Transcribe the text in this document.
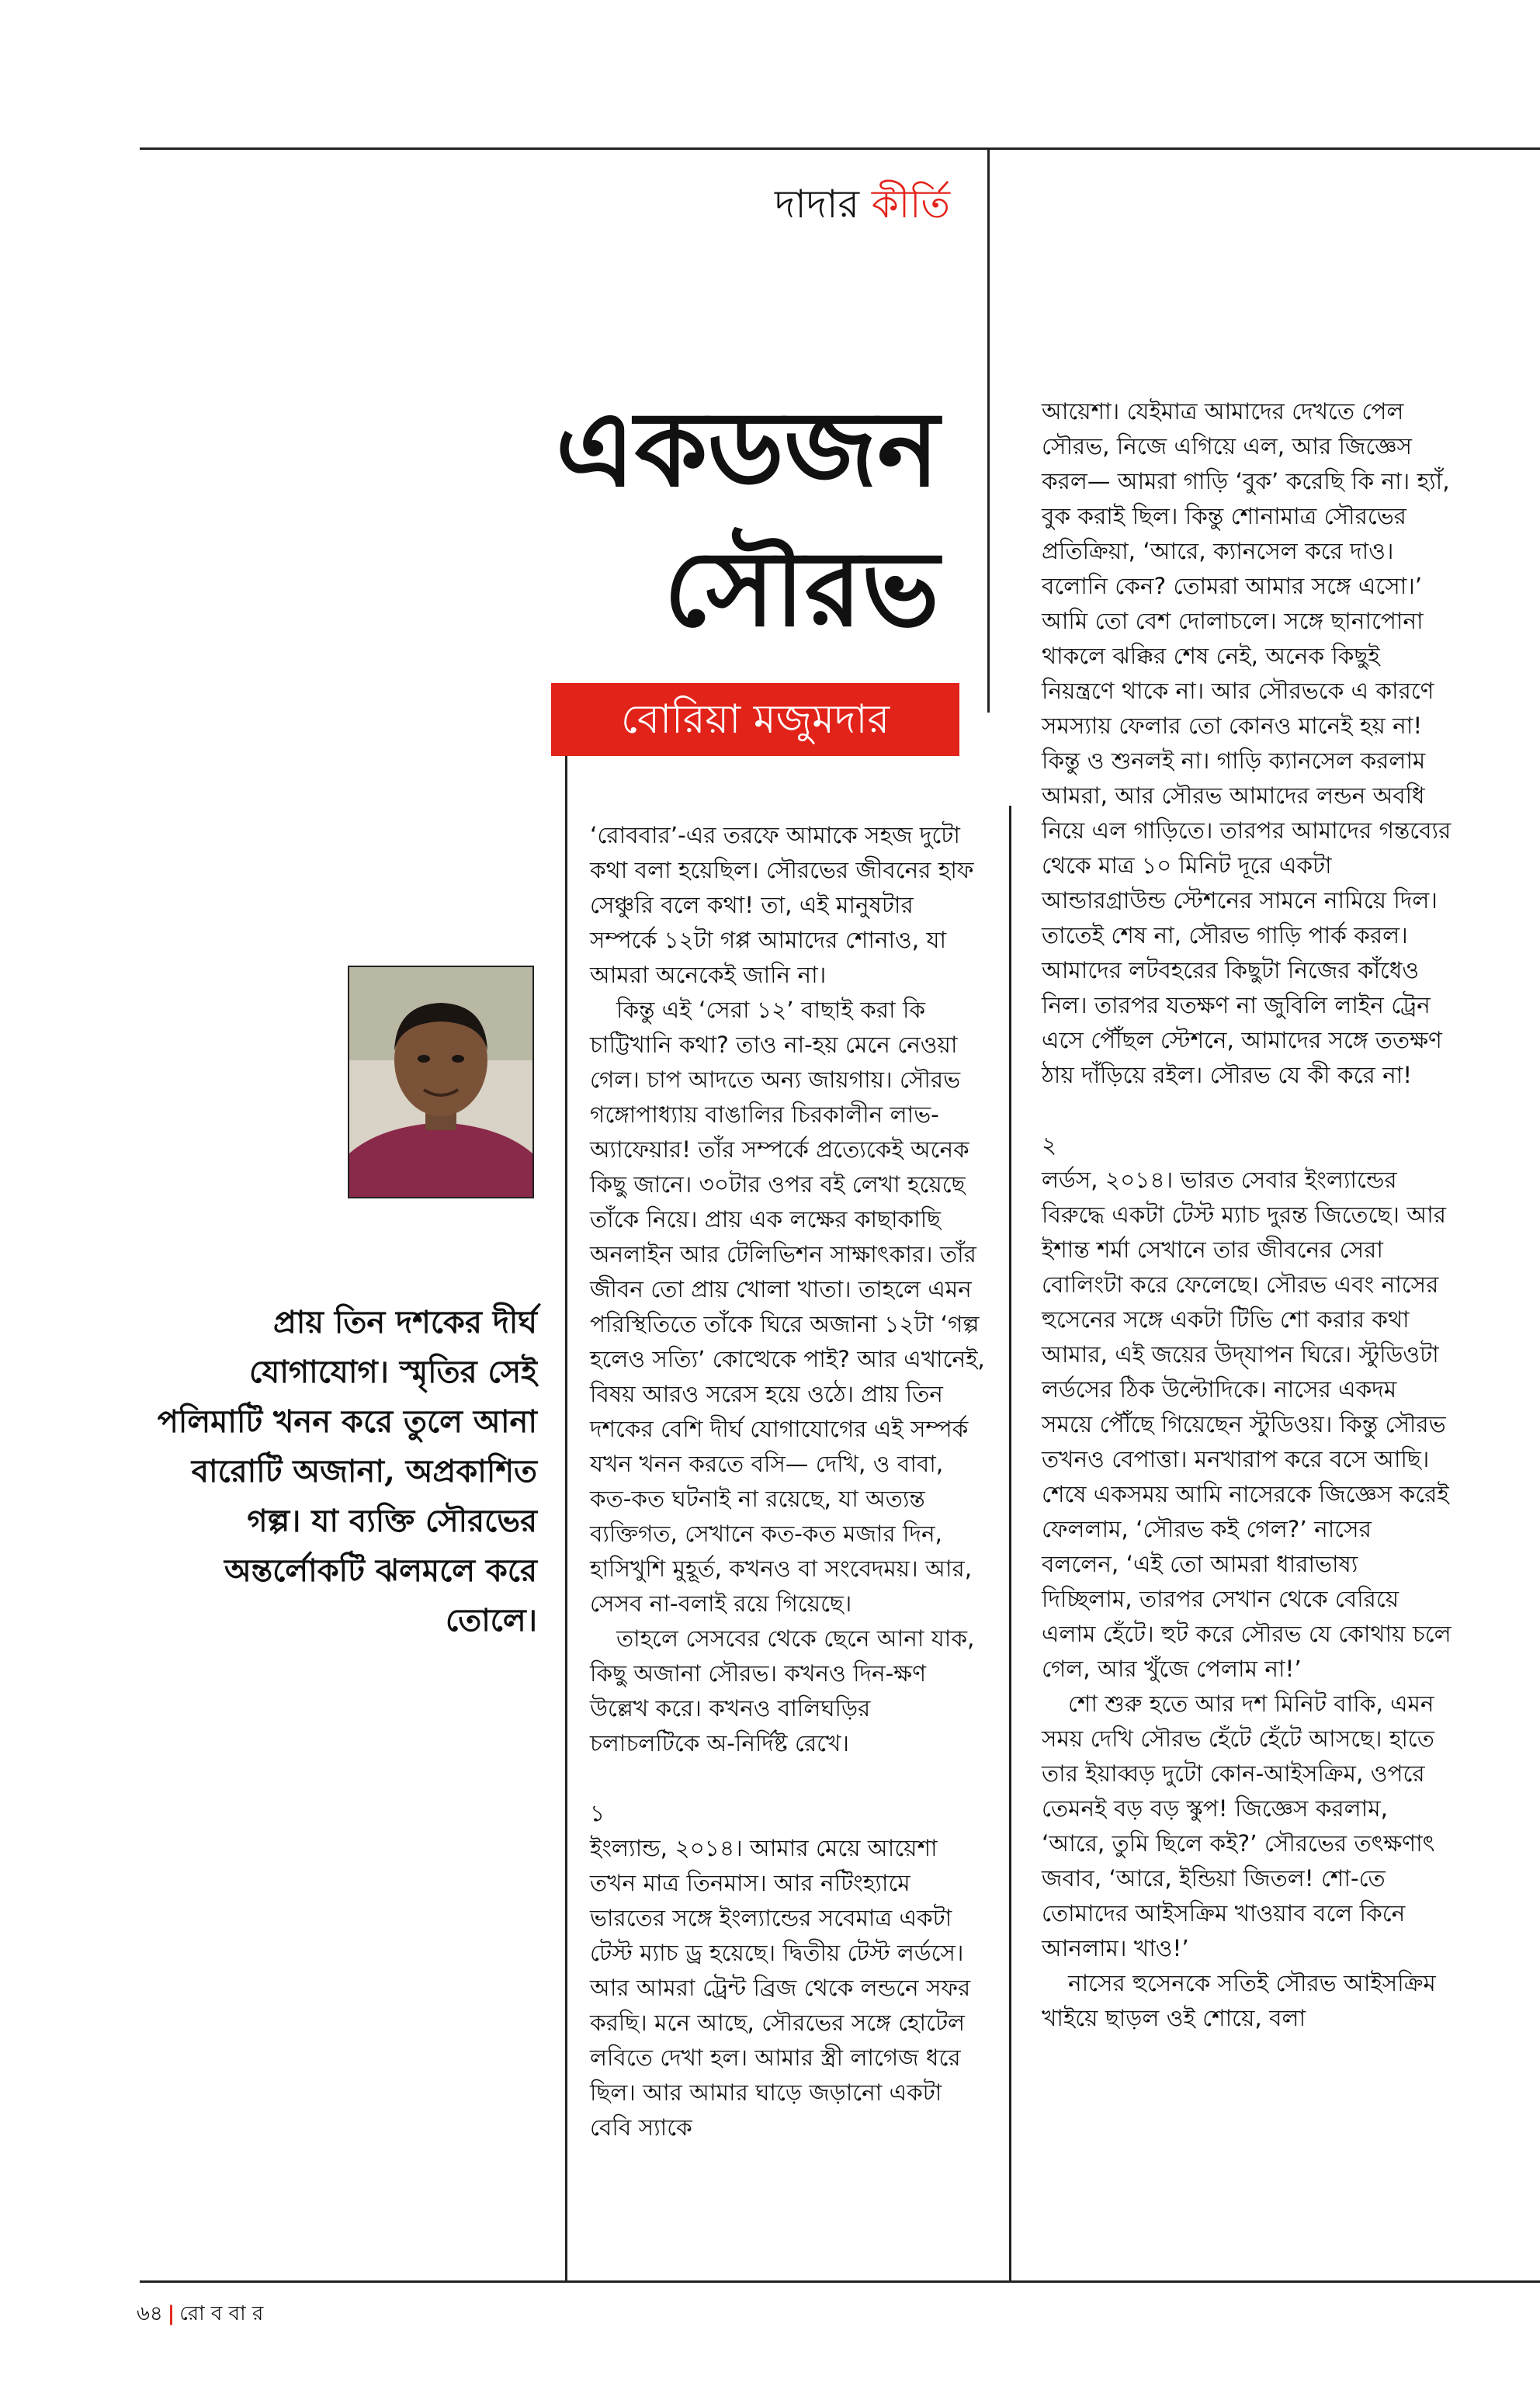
দাদার কীর্তি
একডজন
সৌরভ
বোরিয়া মজুমদার
প্রায় তিন দশকের দীর্ঘ যোগাযোগ। স্মৃতির সেই পলিমাটি খনন করে তুলে আনা বারোটি অজানা, অপ্রকাশিত গল্প। যা ব্যক্তি সৌরভের অন্তর্লোকটি ঝলমলে করে তোলে।

‘রোববার’-এর তরফে আমাকে সহজ দুটো কথা বলা হয়েছিল। সৌরভের জীবনের হাফ সেঞ্চুরি বলে কথা! তা, এই মানুষটার সম্পর্কে ১২টা গপ্প আমাদের শোনাও, যা আমরা অনেকেই জানি না।

কিন্তু এই ‘সেরা ১২’ বাছাই করা কি চাট্টিখানি কথা? তাও না-হয় মেনে নেওয়া গেল। চাপ আদতে অন্য জায়গায়। সৌরভ গঙ্গোপাধ্যায় বাঙালির চিরকালীন লাভ-অ্যাফেয়ার! তাঁর সম্পর্কে প্রত্যেকেই অনেক কিছু জানে। ৩০টার ওপর বই লেখা হয়েছে তাঁকে নিয়ে। প্রায় এক লক্ষের কাছাকাছি অনলাইন আর টেলিভিশন সাক্ষাৎকার। তাঁর জীবন তো প্রায় খোলা খাতা। তাহলে এমন পরিস্থিতিতে তাঁকে ঘিরে অজানা ১২টা ‘গল্প হলেও সত্যি’ কোত্থেকে পাই? আর এখানেই, বিষয় আরও সরেস হয়ে ওঠে। প্রায় তিন দশকের বেশি দীর্ঘ যোগাযোগের এই সম্পর্ক যখন খনন করতে বসি— দেখি, ও বাবা, কত-কত ঘটনাই না রয়েছে, যা অত্যন্ত ব্যক্তিগত, সেখানে কত-কত মজার দিন, হাসিখুশি মুহূর্ত, কখনও বা সংবেদময়। আর, সেসব না-বলাই রয়ে গিয়েছে।

তাহলে সেসবের থেকে ছেনে আনা যাক, কিছু অজানা সৌরভ। কখনও দিন-ক্ষণ উল্লেখ করে। কখনও বালিঘড়ির চলাচলটিকে অ-নির্দিষ্ট রেখে।

১

ইংল্যান্ড, ২০১৪। আমার মেয়ে আয়েশা তখন মাত্র তিনমাস। আর নটিংহ্যামে ভারতের সঙ্গে ইংল্যান্ডের সবেমাত্র একটা টেস্ট ম্যাচ ড্র হয়েছে। দ্বিতীয় টেস্ট লর্ডসে। আর আমরা ট্রেন্ট ব্রিজ থেকে লন্ডনে সফর করছি। মনে আছে, সৌরভের সঙ্গে হোটেল লবিতে দেখা হল। আমার স্ত্রী লাগেজ ধরে ছিল। আর আমার ঘাড়ে জড়ানো একটা বেবি স্যাকে

আয়েশা। যেইমাত্র আমাদের দেখতে পেল সৌরভ, নিজে এগিয়ে এল, আর জিজ্ঞেস করল— আমরা গাড়ি ‘বুক’ করেছি কি না। হ্যাঁ, বুক করাই ছিল। কিন্তু শোনামাত্র সৌরভের প্রতিক্রিয়া, ‘আরে, ক্যানসেল করে দাও। বলোনি কেন? তোমরা আমার সঙ্গে এসো।’ আমি তো বেশ দোলাচলে। সঙ্গে ছানাপোনা থাকলে ঝক্কির শেষ নেই, অনেক কিছুই নিয়ন্ত্রণে থাকে না। আর সৌরভকে এ কারণে সমস্যায় ফেলার তো কোনও মানেই হয় না! কিন্তু ও শুনলই না। গাড়ি ক্যানসেল করলাম আমরা, আর সৌরভ আমাদের লন্ডন অবধি নিয়ে এল গাড়িতে। তারপর আমাদের গন্তব্যের থেকে মাত্র ১০ মিনিট দূরে একটা আন্ডারগ্রাউন্ড স্টেশনের সামনে নামিয়ে দিল। তাতেই শেষ না, সৌরভ গাড়ি পার্ক করল। আমাদের লটবহরের কিছুটা নিজের কাঁধেও নিল। তারপর যতক্ষণ না জুবিলি লাইন ট্রেন এসে পৌঁছল স্টেশনে, আমাদের সঙ্গে ততক্ষণ ঠায় দাঁড়িয়ে রইল। সৌরভ যে কী করে না!

২

লর্ডস, ২০১৪। ভারত সেবার ইংল্যান্ডের বিরুদ্ধে একটা টেস্ট ম্যাচ দুরন্ত জিতেছে। আর ইশান্ত শর্মা সেখানে তার জীবনের সেরা বোলিংটা করে ফেলেছে। সৌরভ এবং নাসের হুসেনের সঙ্গে একটা টিভি শো করার কথা আমার, এই জয়ের উদ্‌যাপন ঘিরে। স্টুডিওটা লর্ডসের ঠিক উল্টোদিকে। নাসের একদম সময়ে পৌঁছে গিয়েছেন স্টুডিওয়। কিন্তু সৌরভ তখনও বেপাত্তা। মনখারাপ করে বসে আছি। শেষে একসময় আমি নাসেরকে জিজ্ঞেস করেই ফেললাম, ‘সৌরভ কই গেল?’ নাসের বললেন, ‘এই তো আমরা ধারাভাষ্য দিচ্ছিলাম, তারপর সেখান থেকে বেরিয়ে এলাম হেঁটে। হুট করে সৌরভ যে কোথায় চলে গেল, আর খুঁজে পেলাম না!’

শো শুরু হতে আর দশ মিনিট বাকি, এমন সময় দেখি সৌরভ হেঁটে হেঁটে আসছে। হাতে তার ইয়াব্বড় দুটো কোন-আইসক্রিম, ওপরে তেমনই বড় বড় স্কুপ! জিজ্ঞেস করলাম, ‘আরে, তুমি ছিলে কই?’ সৌরভের তৎক্ষণাৎ জবাব, ‘আরে, ইন্ডিয়া জিতল! শো-তে তোমাদের আইসক্রিম খাওয়াব বলে কিনে আনলাম। খাও!’

নাসের হুসেনকে সতিই সৌরভ আইসক্রিম খাইয়ে ছাড়ল ওই শোয়ে, বলা

৬৪ | রো ব বা র
